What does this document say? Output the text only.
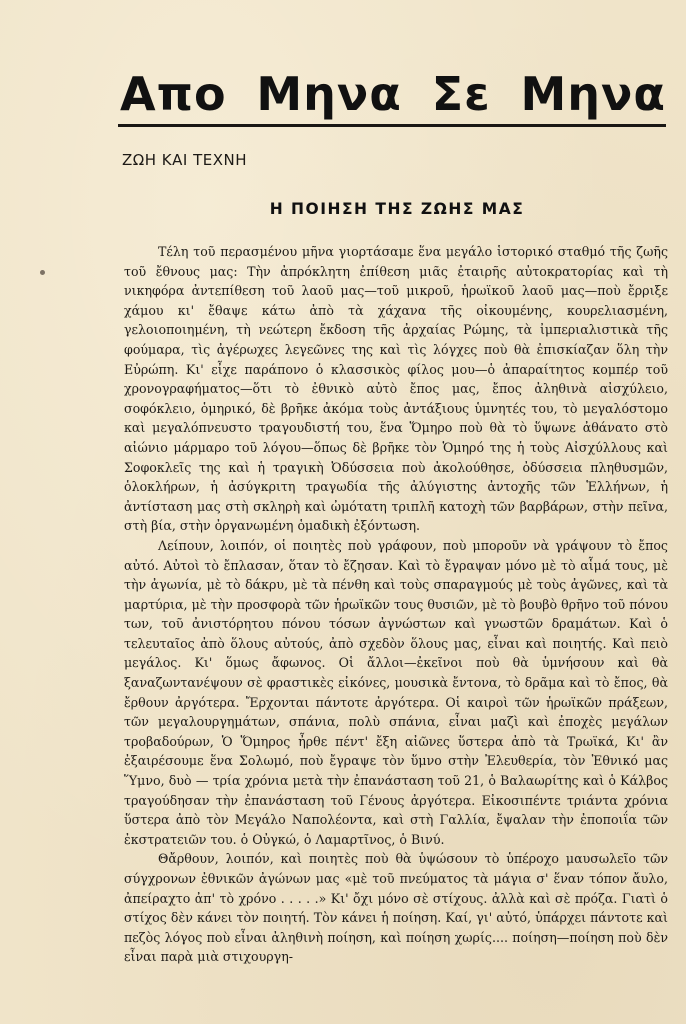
Απο Μηνα Σε Μηνα
ΖΩΗ ΚΑΙ ΤΕΧΝΗ
Η ΠΟΙΗΣΗ ΤΗΣ ΖΩΗΣ ΜΑΣ

Τέλη τοῦ περασμένου μῆνα γιορτάσαμε ἕνα μεγάλο ἱστορικό σταθμό τῆς ζωῆς τοῦ ἔθνους μας: Τὴν ἀπρόκλητη ἐπίθεση μιᾶς ἐταιρῆς αὐτοκρατορίας καὶ τὴ νικηφόρα ἀντεπίθεση τοῦ λαοῦ μας—τοῦ μικροῦ, ἡρωϊκοῦ λαοῦ μας—ποὺ ἔρριξε χάμου κι' ἔθαψε κάτω ἀπὸ τὰ χάχανα τῆς οἰκουμένης, κουρελιασμένη, γελοιοποιημένη, τὴ νεώτερη ἔκδοση τῆς ἀρχαίας Ρώμης, τὰ ἰμπεριαλιστικὰ τῆς φούμαρα, τὶς ἀγέρωχες λεγεῶνες της καὶ τὶς λόγχες ποὺ θὰ ἐπισκίαζαν ὅλη τὴν Εὐρώπη. Κι' εἶχε παράπονο ὁ κλασσικὸς φίλος μου—ὁ ἀπαραίτητος κομπέρ τοῦ χρονογραφήματος—ὅτι τὸ ἐθνικὸ αὐτὸ ἔπος μας, ἔπος ἀληθινὰ αἰσχύλειο, σοφόκλειο, ὁμηρικό, δὲ βρῆκε ἀκόμα τοὺς ἀντάξιους ὑμνητές του, τὸ μεγαλόστομο καὶ μεγαλόπνευστο τραγουδιστή του, ἕνα Ὅμηρο ποὺ θὰ τὸ ὕψωνε ἀθάνατο στὸ αἰώνιο μάρμαρο τοῦ λόγου—ὅπως δὲ βρῆκε τὸν Ὁμηρό της ἡ τοὺς Αἰσχύλλους καὶ Σοφοκλεῖς της καὶ ἡ τραγικὴ Ὀδύσσεια ποὺ ἀκολούθησε, ὀδύσσεια πληθυσμῶν, ὁλοκλήρων, ἡ ἀσύγκριτη τραγωδία τῆς ἀλύγιστης ἀντοχῆς τῶν Ἑλλήνων, ἡ ἀντίσταση μας στὴ σκληρὴ καὶ ὠμότατη τριπλῆ κατοχὴ τῶν βαρβάρων, στὴν πεῖνα, στὴ βία, στὴν ὀργανωμένη ὁμαδικὴ ἐξόντωση.

Λείπουν, λοιπόν, οἱ ποιητὲς ποὺ γράφουν, ποὺ μποροῦν νὰ γράψουν τὸ ἔπος αὐτό. Αὐτοὶ τὸ ἔπλασαν, ὅταν τὸ ἔζησαν. Καὶ τὸ ἔγραψαν μόνο μὲ τὸ αἷμά τους, μὲ τὴν ἀγωνία, μὲ τὸ δάκρυ, μὲ τὰ πένθη καὶ τοὺς σπαραγμούς μὲ τοὺς ἀγῶνες, καὶ τὰ μαρτύρια, μὲ τὴν προσφορὰ τῶν ἡρωϊκῶν τους θυσιῶν, μὲ τὸ βουβὸ θρῆνο τοῦ πόνου των, τοῦ ἀνιστόρητου πόνου τόσων ἀγνώστων καὶ γνωστῶν δραμάτων. Καὶ ὁ τελευταῖος ἀπὸ ὅλους αὐτούς, ἀπὸ σχεδὸν ὅλους μας, εἶναι καὶ ποιητής. Καὶ πειὸ μεγάλος. Κι' ὅμως ἄφωνος. Οἱ ἄλλοι—ἐκεῖνοι ποὺ θὰ ὑμνήσουν καὶ θὰ ξαναζωντανέψουν σὲ φραστικὲς εἰκόνες, μουσικὰ ἔντονα, τὸ δρᾶμα καὶ τὸ ἔπος, θὰ ἔρθουν ἀργότερα. Ἔρχονται πάντοτε ἀργότερα. Οἱ καιροὶ τῶν ἡρωϊκῶν πράξεων, τῶν μεγαλουργημάτων, σπάνια, πολὺ σπάνια, εἶναι μαζὶ καὶ ἐποχὲς μεγάλων τροβαδούρων, Ὁ Ὅμηρος ἦρθε πέντ' ἔξη αἰῶνες ὕστερα ἀπὸ τὰ Τρωϊκά, Κι' ἂν ἐξαιρέσουμε ἕνα Σολωμό, ποὺ ἔγραψε τὸν ὕμνο στὴν Ἐλευθερία, τὸν Ἐθνικό μας Ὕμνο, δυὸ — τρία χρόνια μετὰ τὴν ἐπανάσταση τοῦ 21, ὁ Βαλαωρίτης καὶ ὁ Κάλβος τραγούδησαν τὴν ἐπανάσταση τοῦ Γένους ἀργότερα. Εἰκοσιπέντε τριάντα χρόνια ὕστερα ἀπὸ τὸν Μεγάλο Ναπολέοντα, καὶ στὴ Γαλλία, ἔψαλαν τὴν ἐποποιΐα τῶν ἐκστρατειῶν του. ὁ Οὐγκώ, ὁ Λαμαρτῖνος, ὁ Βινύ.

Θἄρθουν, λοιπόν, καὶ ποιητὲς ποὺ θὰ ὑψώσουν τὸ ὑπέροχο μαυσωλεῖο τῶν σύγχρονων ἐθνικῶν ἀγώνων μας «μὲ τοῦ πνεύματος τὰ μάγια σ' ἕναν τόπον ἄυλο, ἀπείραχτο ἀπ' τὸ χρόνο . . . . .» Κι' ὄχι μόνο σὲ στίχους. ἀλλὰ καὶ σὲ πρόζα. Γιατὶ ὁ στίχος δὲν κάνει τὸν ποιητή. Τὸν κάνει ἡ ποίηση. Καί, γι' αὐτό, ὑπάρχει πάντοτε καὶ πεζὸς λόγος ποὺ εἶναι ἀληθινὴ ποίηση, καὶ ποίηση χωρίς.... ποίηση—ποίηση ποὺ δὲν εἶναι παρὰ μιὰ στιχουργη-
